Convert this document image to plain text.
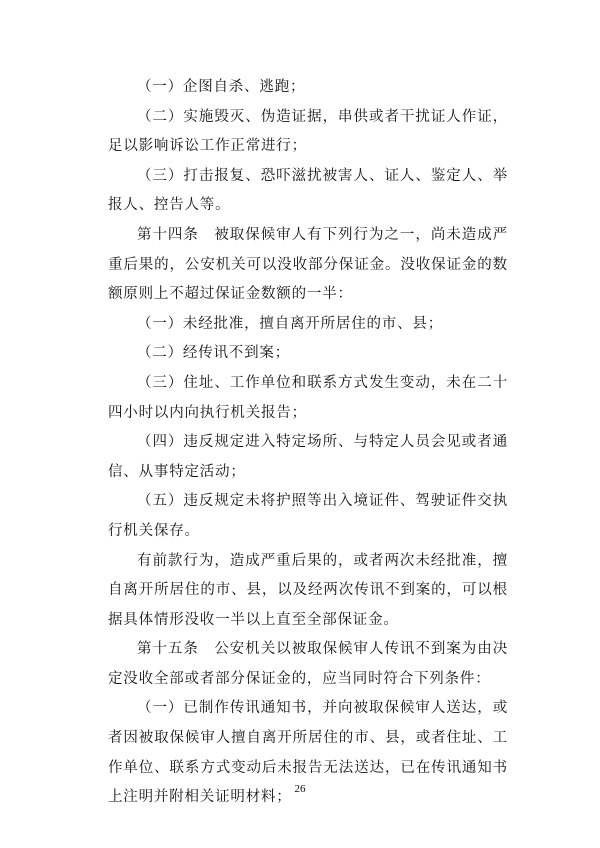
（一）企图自杀、逃跑；

（二）实施毁灭、伪造证据，串供或者干扰证人作证，足以影响诉讼工作正常进行；

（三）打击报复、恐吓滋扰被害人、证人、鉴定人、举报人、控告人等。

第十四条　被取保候审人有下列行为之一，尚未造成严重后果的，公安机关可以没收部分保证金。没收保证金的数额原则上不超过保证金数额的一半：

（一）未经批准，擅自离开所居住的市、县；

（二）经传讯不到案；

（三）住址、工作单位和联系方式发生变动，未在二十四小时以内向执行机关报告；

（四）违反规定进入特定场所、与特定人员会见或者通信、从事特定活动；

（五）违反规定未将护照等出入境证件、驾驶证件交执行机关保存。

有前款行为，造成严重后果的，或者两次未经批准，擅自离开所居住的市、县，以及经两次传讯不到案的，可以根据具体情形没收一半以上直至全部保证金。

第十五条　公安机关以被取保候审人传讯不到案为由决定没收全部或者部分保证金的，应当同时符合下列条件：

（一）已制作传讯通知书，并向被取保候审人送达，或者因被取保候审人擅自离开所居住的市、县，或者住址、工作单位、联系方式变动后未报告无法送达，已在传讯通知书上注明并附相关证明材料；

26
